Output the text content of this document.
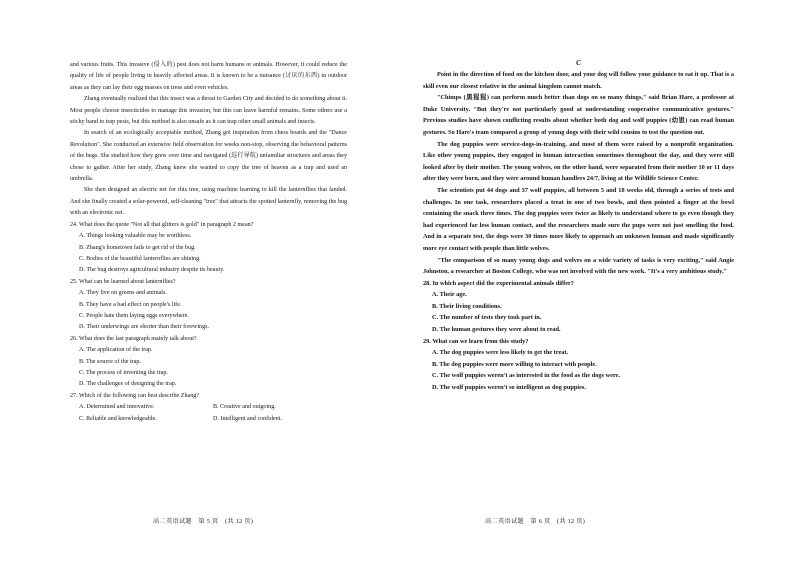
and various fruits. This invasive (侵入的) pest does not harm humans or animals. However, it could reduce the quality of life of people living in heavily affected areas. It is known to be a nuisance (讨厌的东西) in outdoor areas as they can lay their egg masses on trees and even vehicles.

Zhang eventually realized that this insect was a threat to Garden City and decided to do something about it. Most people choose insecticides to manage this invasion, but this can leave harmful remains. Some others use a sticky band to trap pests, but this method is also unsafe as it can trap other small animals and insects.

In search of an ecologically acceptable method, Zhang got inspiration from chess boards and the "Dance Revolution". She conducted an extensive field observation for weeks non-stop, observing the behavioral patterns of the bugs. She studied how they grew over time and navigated (巡行导航) unfamiliar structures and areas they chose to gather. After her study, Zhang knew she wanted to copy the tree of heaven as a trap and used an umbrella.

She then designed an electric net for this tree, using machine learning to kill the lanternflies that landed. And she finally created a solar-powered, self-cleaning "tree" that attracts the spotted lanternfly, removing the bug with an electronic net.

24. What does the quote "Not all that glitters is gold" in paragraph 2 mean?

A. Things looking valuable may be worthless.

B. Zhang's hometown fails to get rid of the bug.

C. Bodies of the beautiful lanternflies are shining.

D. The bug destroys agricultural industry despite its beauty.

25. What can be learned about lanternflies?

A. They live on greens and animals.

B. They have a bad effect on people's life.

C. People hate them laying eggs everywhere.

D. Their underwings are shorter than their forewings.

26. What does the last paragraph mainly talk about?

A. The application of the trap.

B. The source of the trap.

C. The process of inventing the trap.

D. The challenges of designing the trap.

27. Which of the following can best describe Zhang?

A. Determined and innovative.	B. Creative and outgoing.
C. Reliable and knowledgeable.	D. Intelligent and confident.

C

Point in the direction of food on the kitchen door, and your dog will follow your guidance to eat it up. That is a skill even our closest relative in the animal kingdom cannot match.

"Chimps (黑猩猩) can perform much better than dogs on so many things," said Brian Hare, a professor at Duke University. "But they're not particularly good at understanding cooperative communicative gestures." Previous studies have shown conflicting results about whether both dog and wolf puppies (幼崽) can read human gestures. So Hare's team compared a group of young dogs with their wild cousins to test the question out.

The dog puppies were service-dogs-in-training, and most of them were raised by a nonprofit organization. Like other young puppies, they engaged in human interaction sometimes throughout the day, and they were still looked after by their mother. The young wolves, on the other hand, were separated from their mother 10 or 11 days after they were born, and they were around human handlers 24/7, living at the Wildlife Science Center.

The scientists put 44 dogs and 37 wolf puppies, all between 5 and 18 weeks old, through a series of tests and challenges. In one task, researchers placed a treat in one of two bowls, and then pointed a finger at the bowl containing the snack three times. The dog puppies were twice as likely to understand where to go even though they had experienced far less human contact, and the researchers made sure the pups were not just smelling the food. And in a separate test, the dogs were 30 times more likely to approach an unknown human and made significantly more eye contact with people than little wolves.

"The comparison of so many young dogs and wolves on a wide variety of tasks is very exciting," said Angie Johnston, a researcher at Boston College, who was not involved with the new work. "It's a very ambitious study."

28. In which aspect did the experimental animals differ?

A. Their age.

B. Their living conditions.

C. The number of tests they took part in.

D. The human gestures they were about to read.

29. What can we learn from this study?

A. The dog puppies were less likely to get the treat.

B. The dog puppies were more willing to interact with people.

C. The wolf puppies weren't as interested in the food as the dogs were.

D. The wolf puppies weren't so intelligent as dog puppies.

高二英语试题　第 5 页　(共 12 页)	高二英语试题　第 6 页　(共 12 页)
